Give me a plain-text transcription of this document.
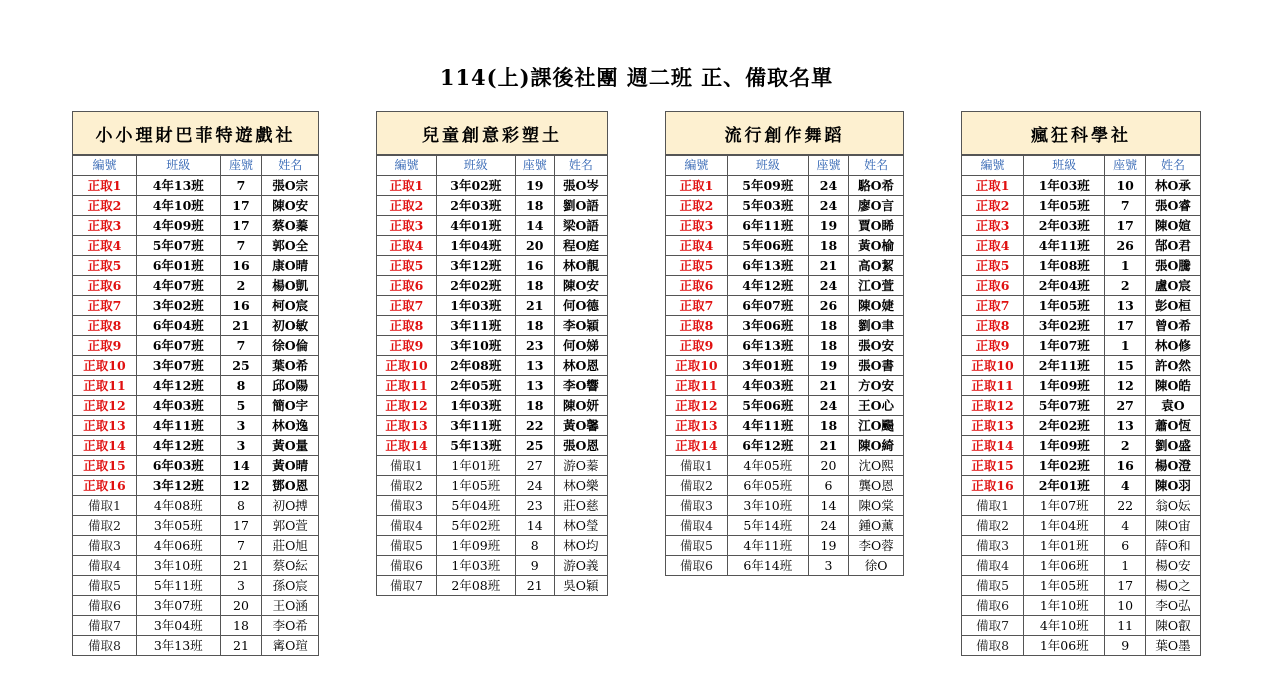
114(上)課後社團 週二班 正、備取名單
小小理財巴菲特遊戲社
編號	班級	座號	姓名
正取1	4年13班	7	張O宗
正取2	4年10班	17	陳O安
正取3	4年09班	17	蔡O蓁
正取4	5年07班	7	郭O全
正取5	6年01班	16	康O晴
正取6	4年07班	2	楊O凱
正取7	3年02班	16	柯O宸
正取8	6年04班	21	初O敏
正取9	6年07班	7	徐O倫
正取10	3年07班	25	葉O希
正取11	4年12班	8	邱O陽
正取12	4年03班	5	簡O宇
正取13	4年11班	3	林O逸
正取14	4年12班	3	黃O量
正取15	6年03班	14	黃O晴
正取16	3年12班	12	鄧O恩
備取1	4年08班	8	初O搏
備取2	3年05班	17	郭O萱
備取3	4年06班	7	莊O旭
備取4	3年10班	21	蔡O紜
備取5	5年11班	3	孫O宸
備取6	3年07班	20	王O涵
備取7	3年04班	18	李O希
備取8	3年13班	21	寗O瑄
兒童創意彩塑土
編號	班級	座號	姓名
正取1	3年02班	19	張O岑
正取2	2年03班	18	劉O語
正取3	4年01班	14	梁O語
正取4	1年04班	20	程O庭
正取5	3年12班	16	林O靚
正取6	2年02班	18	陳O安
正取7	1年03班	21	何O德
正取8	3年11班	18	李O穎
正取9	3年10班	23	何O娣
正取10	2年08班	13	林O恩
正取11	2年05班	13	李O響
正取12	1年03班	18	陳O妍
正取13	3年11班	22	黃O馨
正取14	5年13班	25	張O恩
備取1	1年01班	27	游O蓁
備取2	1年05班	24	林O樂
備取3	5年04班	23	莊O慈
備取4	5年02班	14	林O瑩
備取5	1年09班	8	林O均
備取6	1年03班	9	游O義
備取7	2年08班	21	吳O穎
流行創作舞蹈
編號	班級	座號	姓名
正取1	5年09班	24	駱O希
正取2	5年03班	24	廖O言
正取3	6年11班	19	賈O睎
正取4	5年06班	18	黃O榆
正取5	6年13班	21	高O絜
正取6	4年12班	24	江O萱
正取7	6年07班	26	陳O婕
正取8	3年06班	18	劉O聿
正取9	6年13班	18	張O安
正取10	3年01班	19	張O書
正取11	4年03班	21	方O安
正取12	5年06班	24	王O心
正取13	4年11班	18	江O颺
正取14	6年12班	21	陳O綺
備取1	4年05班	20	沈O熙
備取2	6年05班	6	龔O恩
備取3	3年10班	14	陳O棠
備取4	5年14班	24	鍾O薰
備取5	4年11班	19	李O蓉
備取6	6年14班	3	徐O
瘋狂科學社
編號	班級	座號	姓名
正取1	1年03班	10	林O承
正取2	1年05班	7	張O睿
正取3	2年03班	17	陳O媗
正取4	4年11班	26	郜O君
正取5	1年08班	1	張O騰
正取6	2年04班	2	盧O宸
正取7	1年05班	13	彭O桓
正取8	3年02班	17	曾O希
正取9	1年07班	1	林O修
正取10	2年11班	15	許O然
正取11	1年09班	12	陳O皓
正取12	5年07班	27	袁O
正取13	2年02班	13	蕭O恆
正取14	1年09班	2	劉O盛
正取15	1年02班	16	楊O澄
正取16	2年01班	4	陳O羽
備取1	1年07班	22	翁O妘
備取2	1年04班	4	陳O宙
備取3	1年01班	6	薛O和
備取4	1年06班	1	楊O安
備取5	1年05班	17	楊O之
備取6	1年10班	10	李O弘
備取7	4年10班	11	陳O叡
備取8	1年06班	9	葉O墨
